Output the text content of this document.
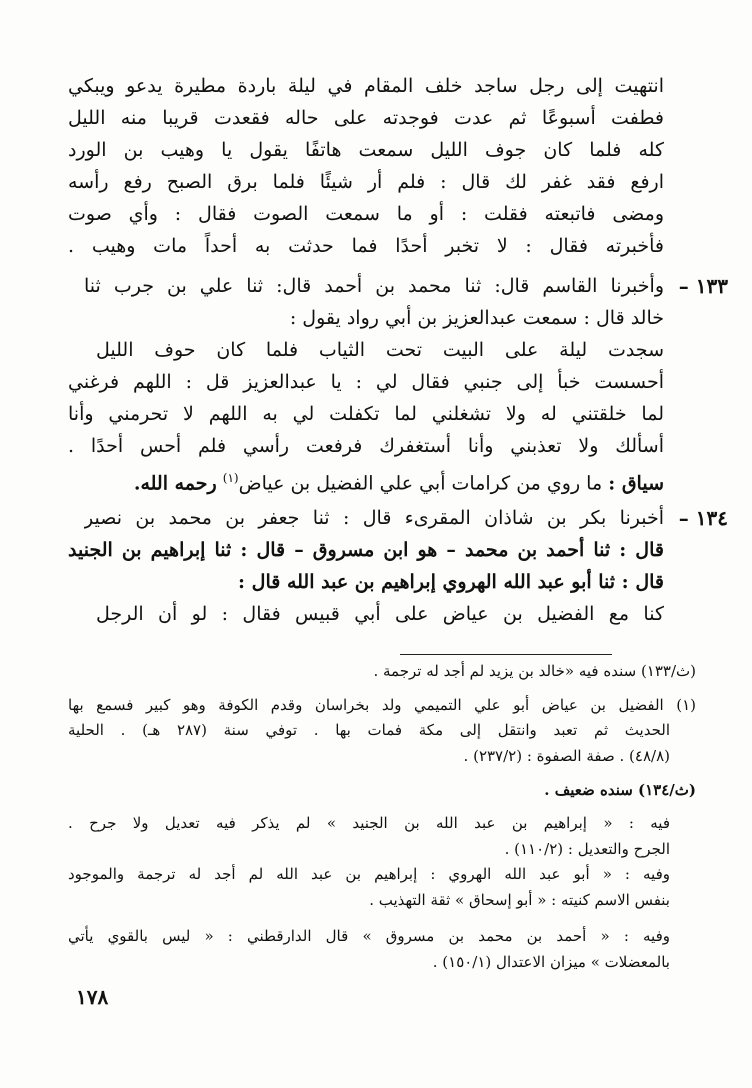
انتهيت إلى رجل ساجد خلف المقام في ليلة باردة مطيرة يدعو ويبكي
فطفت أسبوعًا ثم عدت فوجدته على حاله فقعدت قريبا منه الليل
كله فلما كان جوف الليل سمعت هاتفًا يقول يا وهيب بن الورد
ارفع فقد غفر لك قال : فلم أر شيئًا فلما برق الصبح رفع رأسه
ومضى فاتبعته فقلت : أو ما سمعت الصوت فقال : وأي صوت
فأخبرته فقال : لا تخبر أحدًا فما حدثت به أحداً مات وهيب .
١٣٣ –
وأخبرنا القاسم قال: ثنا محمد بن أحمد قال: ثنا علي بن جرب ثنا
خالد قال : سمعت عبدالعزيز بن أبي رواد يقول :
سجدت ليلة على البيت تحت الثياب فلما كان حوف الليل
أحسست خبأ إلى جنبي فقال لي : يا عبدالعزيز قل : اللهم فرغني
لما خلقتني له ولا تشغلني لما تكفلت لي به اللهم لا تحرمني وأنا
أسألك ولا تعذبني وأنا أستغفرك فرفعت رأسي فلم أحس أحدًا .
سياق : ما روي من كرامات أبي علي الفضيل بن عياض$^{(١)}$ رحمه الله.
١٣٤ –
أخبرنا بكر بن شاذان المقرىء قال : ثنا جعفر بن محمد بن نصير
قال : ثنا أحمد بن محمد – هو ابن مسروق – قال : ثنا إبراهيم بن الجنيد
قال : ثنا أبو عبد الله الهروي إبراهيم بن عبد الله قال :
كنا مع الفضيل بن عياض على أبي قبيس فقال : لو أن الرجل
(ث/١٣٣) سنده فيه «خالد بن يزيد لم أجد له ترجمة .
(١) الفضيل بن عياض أبو علي التميمي ولد بخراسان وقدم الكوفة وهو كبير فسمع بها
الحديث ثم تعبد وانتقل إلى مكة فمات بها . توفي سنة (٢٨٧ هـ) . الحلية
(٤٨/٨) . صفة الصفوة : (٢٣٧/٢) .
(ث/١٣٤) سنده ضعيف .
فيه : « إبراهيم بن عبد الله بن الجنيد » لم يذكر فيه تعديل ولا جرح .
الجرح والتعديل : (١١٠/٢) .
وفيه : « أبو عبد الله الهروي : إبراهيم بن عبد الله لم أجد له ترجمة والموجود
بنفس الاسم كنيته : « أبو إسحاق » ثقة التهذيب .
وفيه : « أحمد بن محمد بن مسروق » قال الدارقطني : « ليس بالقوي يأتي
بالمعضلات » ميزان الاعتدال (١٥٠/١) .
١٧٨
